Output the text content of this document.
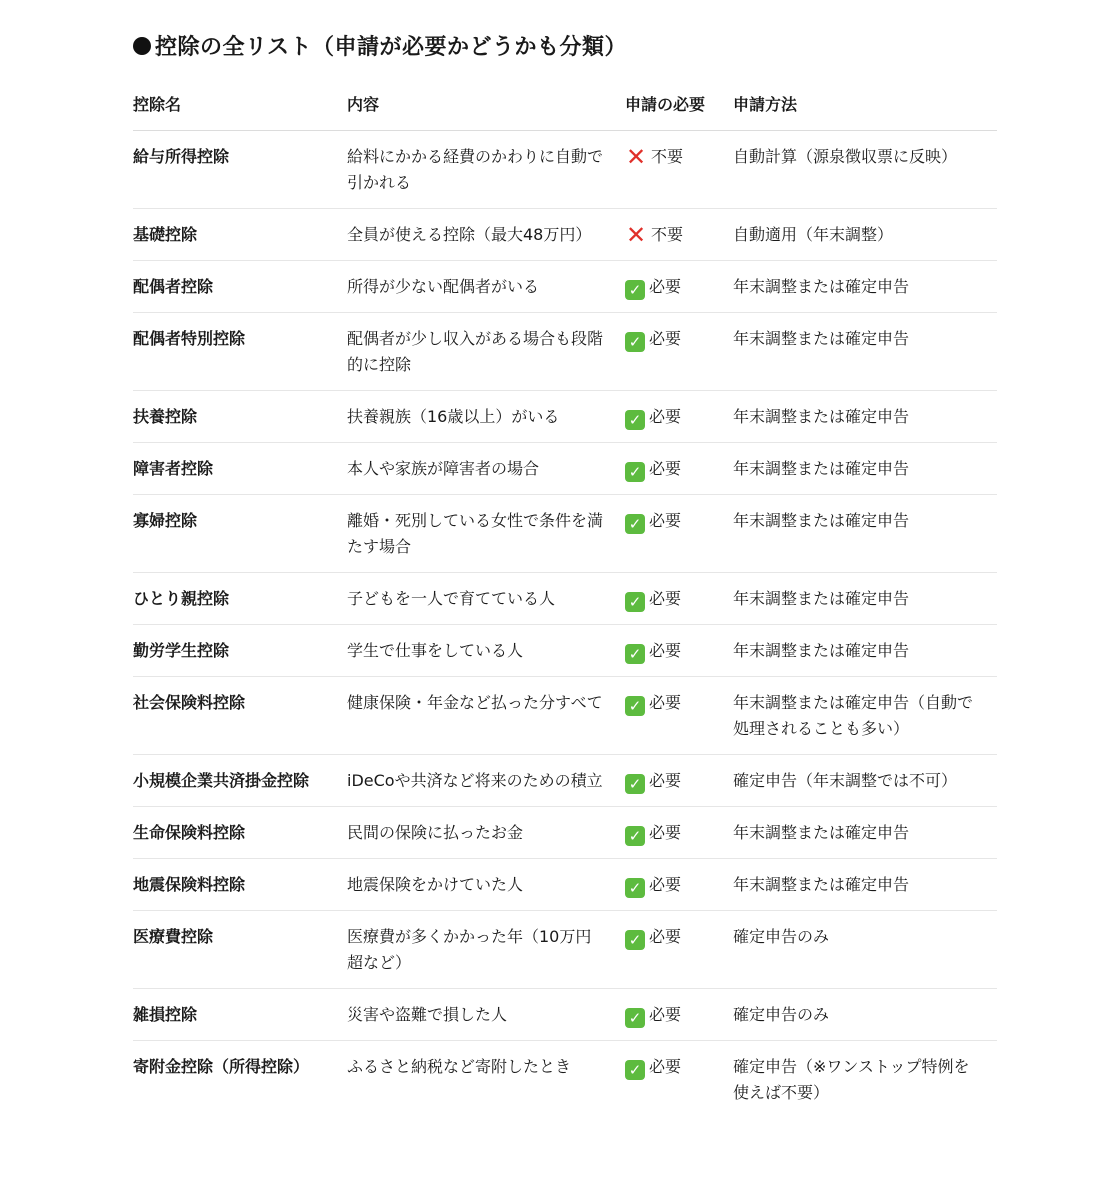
控除の全リスト（申請が必要かどうかも分類）
控除名	内容	申請の必要	申請方法
給与所得控除	給料にかかる経費のかわりに自動で引かれる	✕ 不要	自動計算（源泉徴収票に反映）
基礎控除	全員が使える控除（最大48万円）	✕ 不要	自動適用（年末調整）
配偶者控除	所得が少ない配偶者がいる	✓ 必要	年末調整または確定申告
配偶者特別控除	配偶者が少し収入がある場合も段階的に控除	✓ 必要	年末調整または確定申告
扶養控除	扶養親族（16歳以上）がいる	✓ 必要	年末調整または確定申告
障害者控除	本人や家族が障害者の場合	✓ 必要	年末調整または確定申告
寡婦控除	離婚・死別している女性で条件を満たす場合	✓ 必要	年末調整または確定申告
ひとり親控除	子どもを一人で育てている人	✓ 必要	年末調整または確定申告
勤労学生控除	学生で仕事をしている人	✓ 必要	年末調整または確定申告
社会保険料控除	健康保険・年金など払った分すべて	✓ 必要	年末調整または確定申告（自動で処理されることも多い）
小規模企業共済掛金控除	iDeCoや共済など将来のための積立	✓ 必要	確定申告（年末調整では不可）
生命保険料控除	民間の保険に払ったお金	✓ 必要	年末調整または確定申告
地震保険料控除	地震保険をかけていた人	✓ 必要	年末調整または確定申告
医療費控除	医療費が多くかかった年（10万円超など）	✓ 必要	確定申告のみ
雑損控除	災害や盗難で損した人	✓ 必要	確定申告のみ
寄附金控除（所得控除）	ふるさと納税など寄附したとき	✓ 必要	確定申告（※ワンストップ特例を使えば不要）
